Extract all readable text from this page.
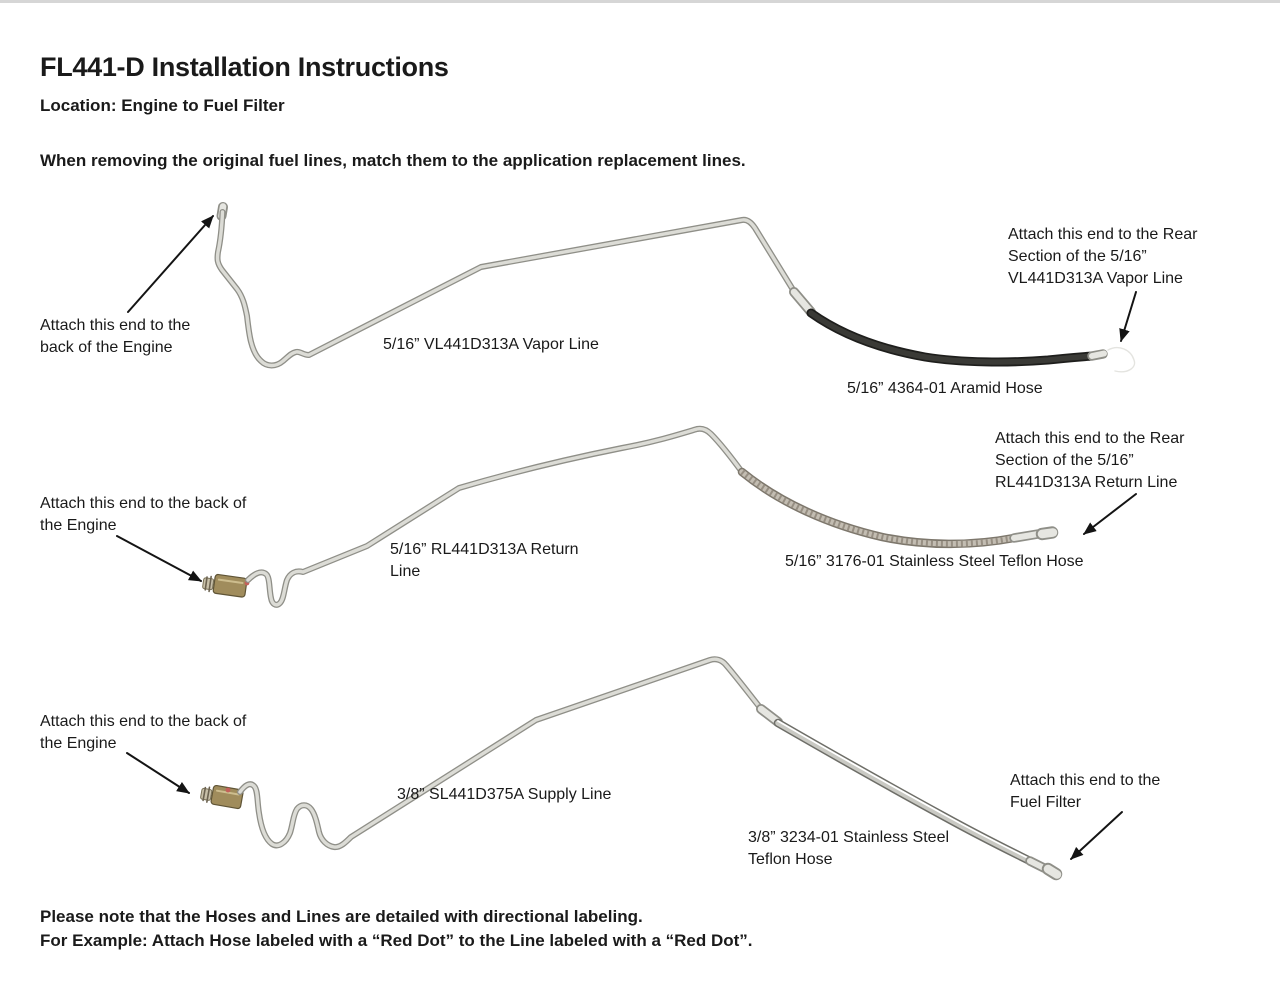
FL441-D Installation Instructions
Location: Engine to Fuel Filter
When removing the original fuel lines, match them to the application replacement lines.
Attach this end to the
back of the Engine	5/16” VL441D313A Vapor Line
Attach this end to the Rear
Section of the 5/16”
VL441D313A Vapor Line
5/16” 4364-01 Aramid Hose
Attach this end to the back of
the Engine
5/16” RL441D313A Return
Line
Attach this end to the Rear
Section of the 5/16”
RL441D313A Return Line
5/16” 3176-01 Stainless Steel Teflon Hose
Attach this end to the back of
the Engine
3/8” SL441D375A Supply Line
Attach this end to the
Fuel Filter
3/8” 3234-01 Stainless Steel
Teflon Hose
Please note that the Hoses and Lines are detailed with directional labeling.
For Example: Attach Hose labeled with a “Red Dot” to the Line labeled with a “Red Dot”.
